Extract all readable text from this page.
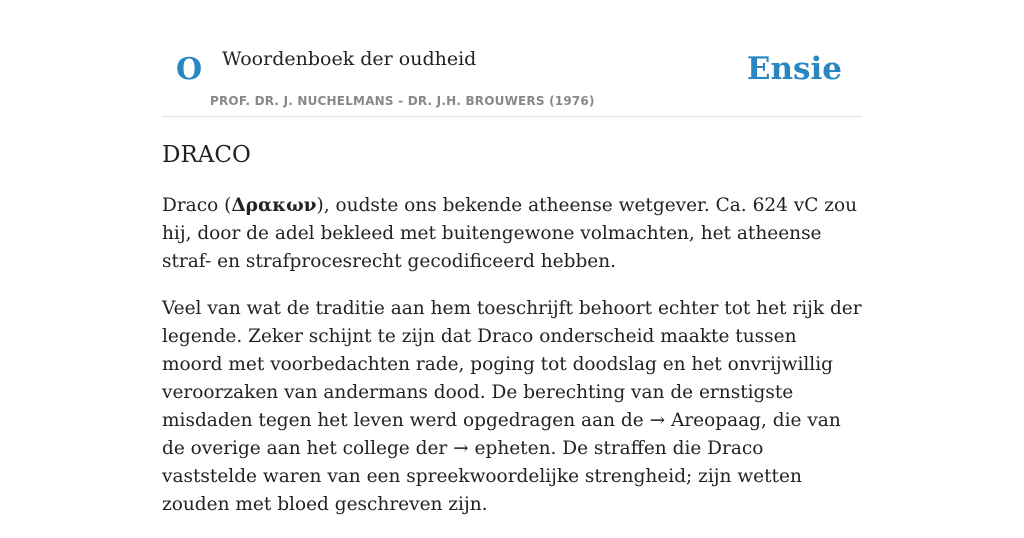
O Woordenboek der oudheid
PROF. DR. J. NUCHELMANS - DR. J.H. BROUWERS (1976)
Ensie
DRACO

Draco (Δρακων), oudste ons bekende atheense wetgever. Ca. 624 vC zou hij, door de adel bekleed met buitengewone volmachten, het atheense straf- en strafprocesrecht gecodificeerd hebben.

Veel van wat de traditie aan hem toeschrijft behoort echter tot het rijk der legende. Zeker schijnt te zijn dat Draco onderscheid maakte tussen moord met voorbedachten rade, poging tot doodslag en het onvrijwillig veroorzaken van andermans dood. De berechting van de ernstigste misdaden tegen het leven werd opgedragen aan de → Areopaag, die van de overige aan het college der → epheten. De straffen die Draco vaststelde waren van een spreekwoordelijke strengheid; zijn wetten zouden met bloed geschreven zijn.
